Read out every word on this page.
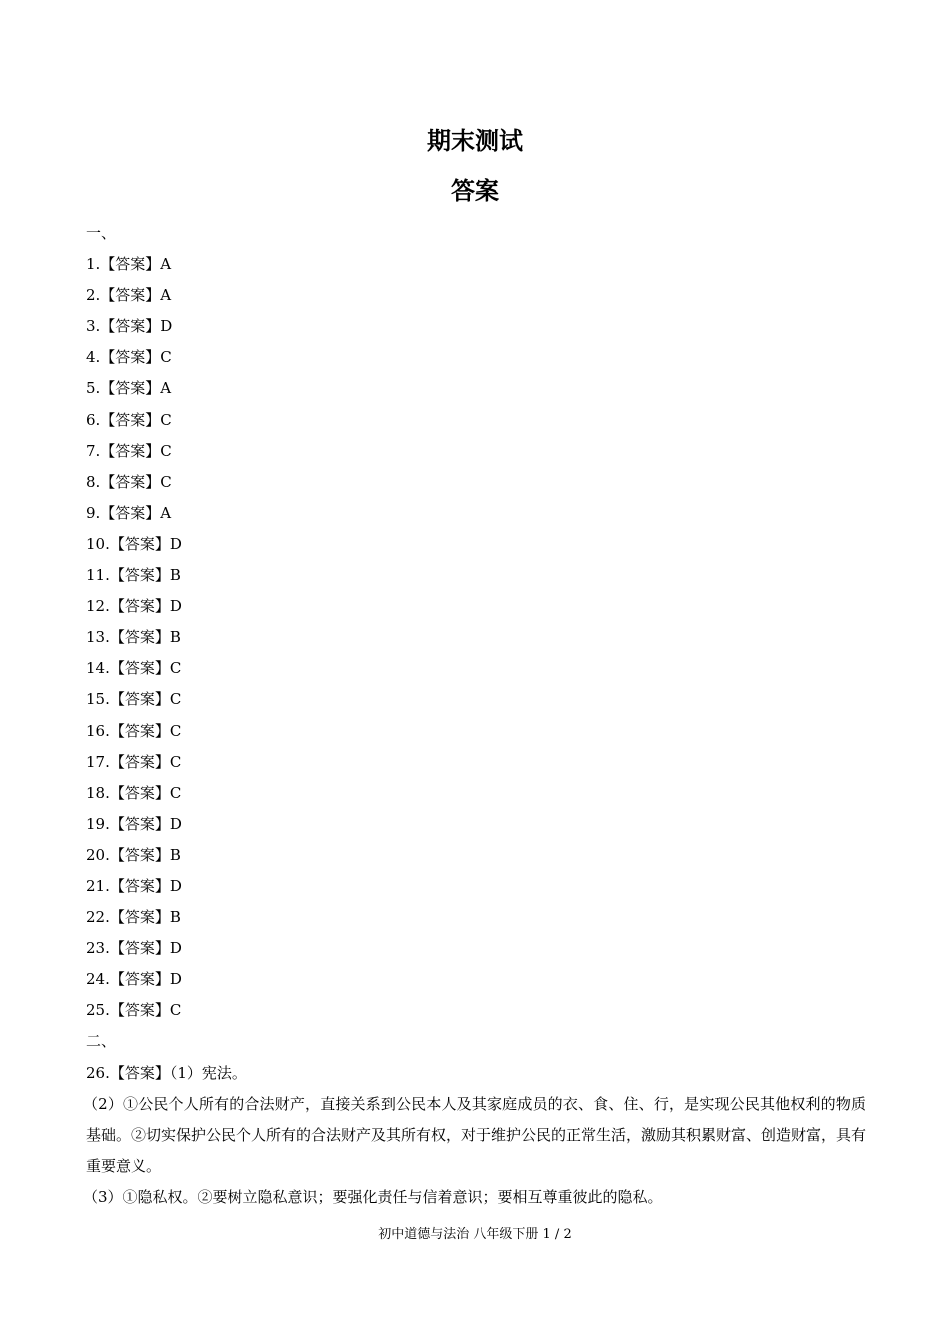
期末测试
答案
一、
1.【答案】A
2.【答案】A
3.【答案】D
4.【答案】C
5.【答案】A
6.【答案】C
7.【答案】C
8.【答案】C
9.【答案】A
10.【答案】D
11.【答案】B
12.【答案】D
13.【答案】B
14.【答案】C
15.【答案】C
16.【答案】C
17.【答案】C
18.【答案】C
19.【答案】D
20.【答案】B
21.【答案】D
22.【答案】B
23.【答案】D
24.【答案】D
25.【答案】C
二、
26.【答案】（1）宪法。
（2）①公民个人所有的合法财产，直接关系到公民本人及其家庭成员的衣、食、住、行，是实现公民其他权利的物质基础。②切实保护公民个人所有的合法财产及其所有权，对于维护公民的正常生活，激励其积累财富、创造财富，具有重要意义。
（3）①隐私权。②要树立隐私意识；要强化责任与信着意识；要相互尊重彼此的隐私。
初中道德与法治 八年级下册 1 / 2
